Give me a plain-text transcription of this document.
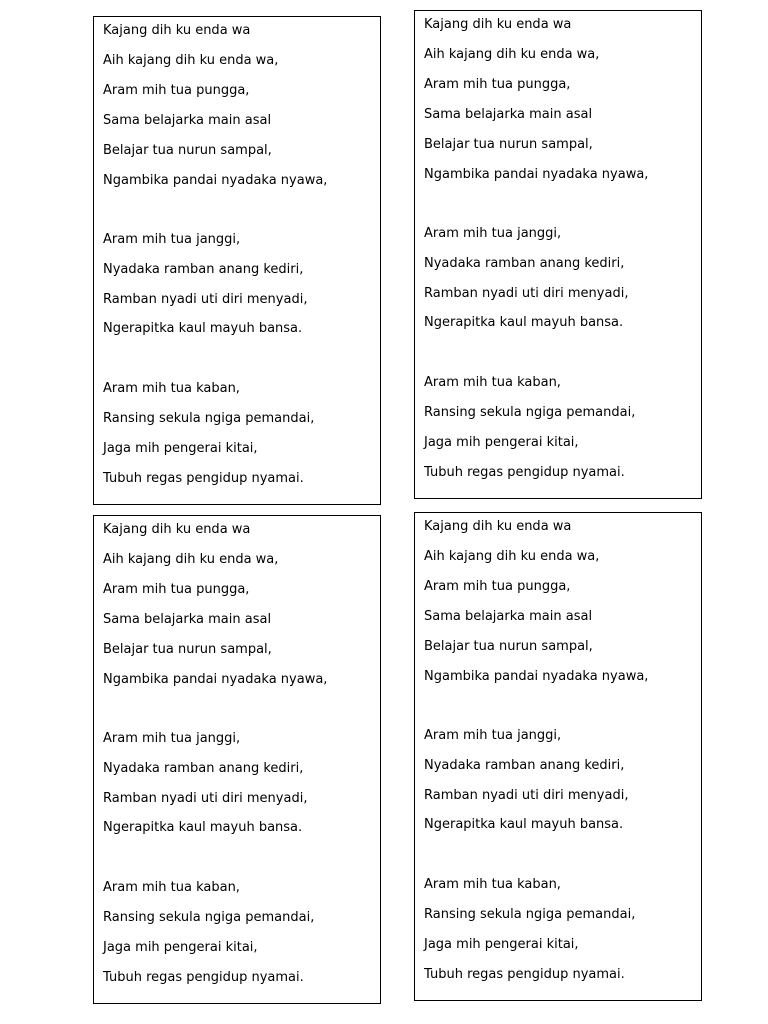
Kajang dih ku enda wa
Aih kajang dih ku enda wa,
Aram mih tua pungga,
Sama belajarka main asal
Belajar tua nurun sampal,
Ngambika pandai nyadaka nyawa,
Aram mih tua janggi,
Nyadaka ramban anang kediri,
Ramban nyadi uti diri menyadi,
Ngerapitka kaul mayuh bansa.
Aram mih tua kaban,
Ransing sekula ngiga pemandai,
Jaga mih pengerai kitai,
Tubuh regas pengidup nyamai.
Kajang dih ku enda wa
Aih kajang dih ku enda wa,
Aram mih tua pungga,
Sama belajarka main asal
Belajar tua nurun sampal,
Ngambika pandai nyadaka nyawa,
Aram mih tua janggi,
Nyadaka ramban anang kediri,
Ramban nyadi uti diri menyadi,
Ngerapitka kaul mayuh bansa.
Aram mih tua kaban,
Ransing sekula ngiga pemandai,
Jaga mih pengerai kitai,
Tubuh regas pengidup nyamai.
Kajang dih ku enda wa
Aih kajang dih ku enda wa,
Aram mih tua pungga,
Sama belajarka main asal
Belajar tua nurun sampal,
Ngambika pandai nyadaka nyawa,
Aram mih tua janggi,
Nyadaka ramban anang kediri,
Ramban nyadi uti diri menyadi,
Ngerapitka kaul mayuh bansa.
Aram mih tua kaban,
Ransing sekula ngiga pemandai,
Jaga mih pengerai kitai,
Tubuh regas pengidup nyamai.
Kajang dih ku enda wa
Aih kajang dih ku enda wa,
Aram mih tua pungga,
Sama belajarka main asal
Belajar tua nurun sampal,
Ngambika pandai nyadaka nyawa,
Aram mih tua janggi,
Nyadaka ramban anang kediri,
Ramban nyadi uti diri menyadi,
Ngerapitka kaul mayuh bansa.
Aram mih tua kaban,
Ransing sekula ngiga pemandai,
Jaga mih pengerai kitai,
Tubuh regas pengidup nyamai.
